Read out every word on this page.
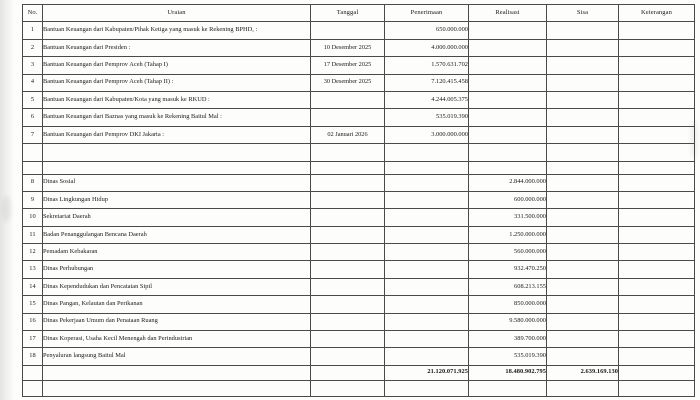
No.	Uraian	Tanggal	Penerimaan	Realisasi	Sisa	Keterangan
1	Bantuan Keuangan dari Kabupaten/Pihak Ketiga yang masuk ke Rekening BPHD, :		650.000.000			
2	Bantuan Keuangan dari Presiden :	10 Desember 2025	4.000.000.000			
3	Bantuan Keuangan dari Pemprov Aceh (Tahap I)	17 Desember 2025	1.570.631.702			
4	Bantuan Keuangan dari Pemprov Aceh (Tahap II) :	30 Desember 2025	7.120.415.458			
5	Bantuan Keuangan dari Kabupaten/Kota yang masuk ke RKUD :		4.244.005.375			
6	Bantuan Keuangan dari Baznas yang masuk ke Rekening Baitul Mal :		535.019.390			
7	Bantuan Keuangan dari Pemprov DKI Jakarta :	02 Januari 2026	3.000.000.000			

8	Dinas Sosial			2.844.000.000		
9	Dinas Lingkungan Hidup			600.000.000		
10	Sekretariat Daerah			331.500.000		
11	Badan Penanggulangan Bencana Daerah			1.250.000.000		
12	Pemadam Kebakaran			560.000.000		
13	Dinas Perhubungan			932.470.250		
14	Dinas Kependudukan dan Pencatatan Sipil			608.213.155		
15	Dinas Pangan, Kelautan dan Perikanan			850.000.000		
16	Dinas Pekerjaan Umum dan Penataan Ruang			9.580.000.000		
17	Dinas Koperasi, Usaha Kecil Menengah dan Perindustrian			389.700.000		
18	Penyaluran langsung Baitul Mal			535.019.390		
			21.120.071.925	18.480.902.795	2.639.169.130	
